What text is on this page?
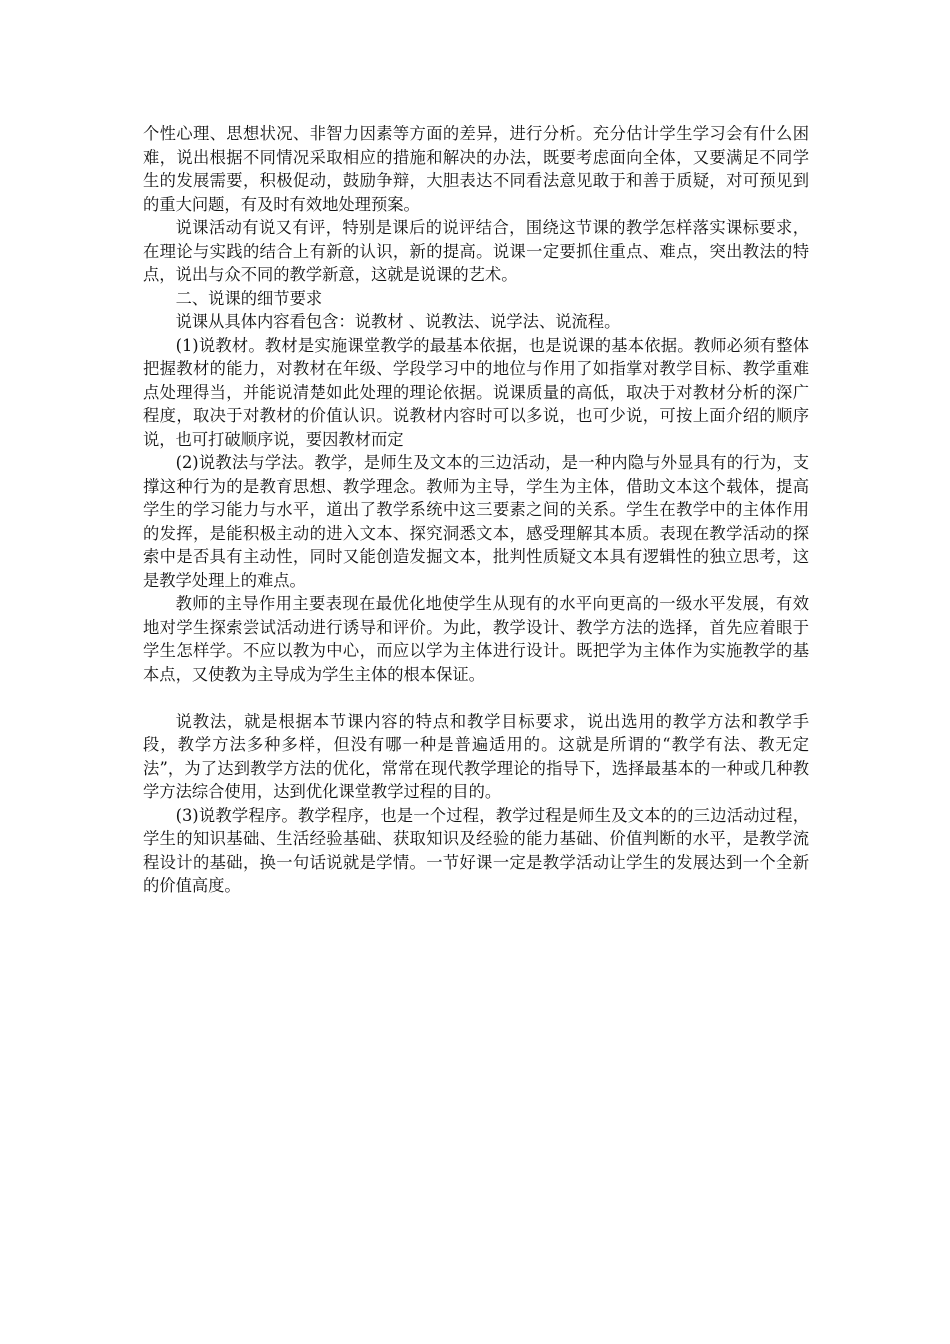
个性心理、思想状况、非智力因素等方面的差异，进行分析。充分估计学生学习会有什么困难，说出根据不同情况采取相应的措施和解决的办法，既要考虑面向全体，又要满足不同学生的发展需要，积极促动，鼓励争辩，大胆表达不同看法意见敢于和善于质疑，对可预见到的重大问题，有及时有效地处理预案。

说课活动有说又有评，特别是课后的说评结合，围绕这节课的教学怎样落实课标要求，在理论与实践的结合上有新的认识，新的提高。说课一定要抓住重点、难点，突出教法的特点，说出与众不同的教学新意，这就是说课的艺术。

二、说课的细节要求

说课从具体内容看包含：说教材 、说教法、说学法、说流程。

(1)说教材。教材是实施课堂教学的最基本依据，也是说课的基本依据。教师必须有整体把握教材的能力，对教材在年级、学段学习中的地位与作用了如指掌对教学目标、教学重难点处理得当，并能说清楚如此处理的理论依据。说课质量的高低，取决于对教材分析的深广程度，取决于对教材的价值认识。说教材内容时可以多说，也可少说，可按上面介绍的顺序说，也可打破顺序说，要因教材而定

(2)说教法与学法。教学，是师生及文本的三边活动，是一种内隐与外显具有的行为，支撑这种行为的是教育思想、教学理念。教师为主导，学生为主体，借助文本这个载体，提高学生的学习能力与水平，道出了教学系统中这三要素之间的关系。学生在教学中的主体作用的发挥，是能积极主动的进入文本、探究洞悉文本，感受理解其本质。表现在教学活动的探索中是否具有主动性，同时又能创造发掘文本，批判性质疑文本具有逻辑性的独立思考，这是教学处理上的难点。

教师的主导作用主要表现在最优化地使学生从现有的水平向更高的一级水平发展，有效地对学生探索尝试活动进行诱导和评价。为此，教学设计、教学方法的选择，首先应着眼于学生怎样学。不应以教为中心，而应以学为主体进行设计。既把学为主体作为实施教学的基本点，又使教为主导成为学生主体的根本保证。

说教法，就是根据本节课内容的特点和教学目标要求，说出选用的教学方法和教学手段，教学方法多种多样，但没有哪一种是普遍适用的。这就是所谓的“教学有法、教无定法”，为了达到教学方法的优化，常常在现代教学理论的指导下，选择最基本的一种或几种教学方法综合使用，达到优化课堂教学过程的目的。

(3)说教学程序。教学程序，也是一个过程，教学过程是师生及文本的的三边活动过程，学生的知识基础、生活经验基础、获取知识及经验的能力基础、价值判断的水平，是教学流程设计的基础，换一句话说就是学情。一节好课一定是教学活动让学生的发展达到一个全新的价值高度。
